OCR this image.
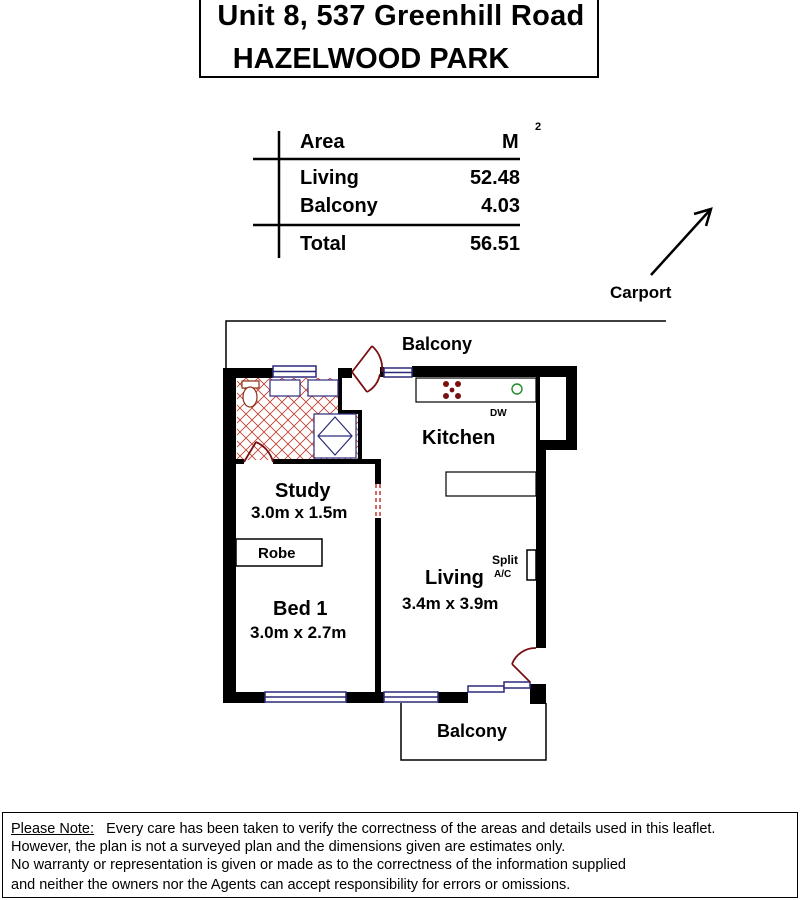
Unit 8, 537 Greenhill Road
HAZELWOOD PARK
Area	M
2
Living	52.48
Balcony	4.03
Total	56.51
Carport
Balcony
Kitchen
DW
Study
3.0m x 1.5m
Robe
Bed 1
3.0m x 2.7m
Living
3.4m x 3.9m
Split
A/C
Balcony
Please Note: Every care has been taken to verify the correctness of the areas and details used in this leaflet.
However, the plan is not a surveyed plan and the dimensions given are estimates only.
No warranty or representation is given or made as to the correctness of the information supplied
and neither the owners nor the Agents can accept responsibility for errors or omissions.
